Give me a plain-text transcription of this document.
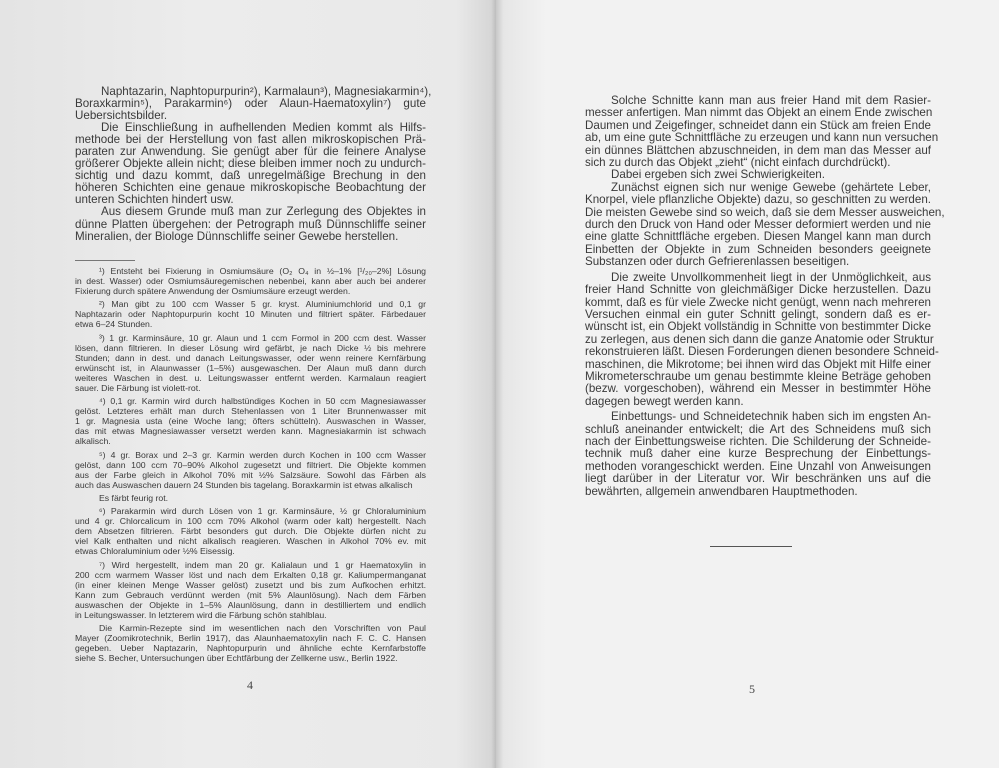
Naphtazarin, Naphtopurpurin²), Karmalaun³), Magnesiakarmin⁴),
Boraxkarmin⁵), Parakarmin⁶) oder Alaun-Haematoxylin⁷) gute
Uebersichtsbilder.
Die Einschließung in aufhellenden Medien kommt als Hilfs-
methode bei der Herstellung von fast allen mikroskopischen Prä-
paraten zur Anwendung. Sie genügt aber für die feinere Analyse
größerer Objekte allein nicht; diese bleiben immer noch zu undurch-
sichtig und dazu kommt, daß unregelmäßige Brechung in den
höheren Schichten eine genaue mikroskopische Beobachtung der
unteren Schichten hindert usw.
Aus diesem Grunde muß man zur Zerlegung des Objektes in
dünne Platten übergehen: der Petrograph muß Dünnschliffe seiner
Mineralien, der Biologe Dünnschliffe seiner Gewebe herstellen.
¹) Entsteht bei Fixierung in Osmiumsäure (O₂ O₄ in ½–1% [¹/₂₀–2%] Lösung
in dest. Wasser) oder Osmiumsäuregemischen nebenbei, kann aber auch bei anderer
Fixierung durch spätere Anwendung der Osmiumsäure erzeugt werden.
²) Man gibt zu 100 ccm Wasser 5 gr. kryst. Aluminiumchlorid und 0,1 gr
Naphtazarin oder Naphtopurpurin kocht 10 Minuten und filtriert später. Färbedauer
etwa 6–24 Stunden.
³) 1 gr. Karminsäure, 10 gr. Alaun und 1 ccm Formol in 200 ccm dest. Wasser
lösen, dann filtrieren. In dieser Lösung wird gefärbt, je nach Dicke ½ bis mehrere
Stunden; dann in dest. und danach Leitungswasser, oder wenn reinere Kernfärbung
erwünscht ist, in Alaunwasser (1–5%) ausgewaschen. Der Alaun muß dann durch
weiteres Waschen in dest. u. Leitungswasser entfernt werden. Karmalaun reagiert
sauer. Die Färbung ist violett-rot.
⁴) 0,1 gr. Karmin wird durch halbstündiges Kochen in 50 ccm Magnesiawasser
gelöst. Letzteres erhält man durch Stehenlassen von 1 Liter Brunnenwasser mit
1 gr. Magnesia usta (eine Woche lang; öfters schütteln). Auswaschen in Wasser,
das mit etwas Magnesiawasser versetzt werden kann. Magnesiakarmin ist schwach
alkalisch.
⁵) 4 gr. Borax und 2–3 gr. Karmin werden durch Kochen in 100 ccm Wasser
gelöst, dann 100 ccm 70–90% Alkohol zugesetzt und filtriert. Die Objekte kommen
aus der Farbe gleich in Alkohol 70% mit ½% Salzsäure. Sowohl das Färben als
auch das Auswaschen dauern 24 Stunden bis tagelang. Boraxkarmin ist etwas alkalisch
Es färbt feurig rot.
⁶) Parakarmin wird durch Lösen von 1 gr. Karminsäure, ½ gr Chloraluminium
und 4 gr. Chlorcalicum in 100 ccm 70% Alkohol (warm oder kalt) hergestellt. Nach
dem Absetzen filtrieren. Färbt besonders gut durch. Die Objekte dürfen nicht zu
viel Kalk enthalten und nicht alkalisch reagieren. Waschen in Alkohol 70% ev. mit
etwas Chloraluminium oder ½% Eisessig.
⁷) Wird hergestellt, indem man 20 gr. Kalialaun und 1 gr Haematoxylin in
200 ccm warmem Wasser löst und nach dem Erkalten 0,18 gr. Kaliumpermanganat
(in einer kleinen Menge Wasser gelöst) zusetzt und bis zum Aufkochen erhitzt.
Kann zum Gebrauch verdünnt werden (mit 5% Alaunlösung). Nach dem Färben
auswaschen der Objekte in 1–5% Alaunlösung, dann in destilliertem und endlich
in Leitungswasser. In letzterem wird die Färbung schön stahlblau.
Die Karmin-Rezepte sind im wesentlichen nach den Vorschriften von Paul
Mayer (Zoomikrotechnik, Berlin 1917), das Alaunhaematoxylin nach F. C. C. Hansen
gegeben. Ueber Naptazarin, Naphtopurpurin und ähnliche echte Kernfarbstoffe
siehe S. Becher, Untersuchungen über Echtfärbung der Zellkerne usw., Berlin 1922.
4
Solche Schnitte kann man aus freier Hand mit dem Rasier-
messer anfertigen. Man nimmt das Objekt an einem Ende zwischen
Daumen und Zeigefinger, schneidet dann ein Stück am freien Ende
ab, um eine gute Schnittfläche zu erzeugen und kann nun versuchen
ein dünnes Blättchen abzuschneiden, in dem man das Messer auf
sich zu durch das Objekt „zieht“ (nicht einfach durchdrückt).
Dabei ergeben sich zwei Schwierigkeiten.
Zunächst eignen sich nur wenige Gewebe (gehärtete Leber,
Knorpel, viele pflanzliche Objekte) dazu, so geschnitten zu werden.
Die meisten Gewebe sind so weich, daß sie dem Messer ausweichen,
durch den Druck von Hand oder Messer deformiert werden und nie
eine glatte Schnittfläche ergeben. Diesen Mangel kann man durch
Einbetten der Objekte in zum Schneiden besonders geeignete
Substanzen oder durch Gefrierenlassen beseitigen.
Die zweite Unvollkommenheit liegt in der Unmöglichkeit, aus
freier Hand Schnitte von gleichmäßiger Dicke herzustellen. Dazu
kommt, daß es für viele Zwecke nicht genügt, wenn nach mehreren
Versuchen einmal ein guter Schnitt gelingt, sondern daß es er-
wünscht ist, ein Objekt vollständig in Schnitte von bestimmter Dicke
zu zerlegen, aus denen sich dann die ganze Anatomie oder Struktur
rekonstruieren läßt. Diesen Forderungen dienen besondere Schneid-
maschinen, die Mikrotome; bei ihnen wird das Objekt mit Hilfe einer
Mikrometerschraube um genau bestimmte kleine Beträge gehoben
(bezw. vorgeschoben), während ein Messer in bestimmter Höhe
dagegen bewegt werden kann.
Einbettungs- und Schneidetechnik haben sich im engsten An-
schluß aneinander entwickelt; die Art des Schneidens muß sich
nach der Einbettungsweise richten. Die Schilderung der Schneide-
technik muß daher eine kurze Besprechung der Einbettungs-
methoden vorangeschickt werden. Eine Unzahl von Anweisungen
liegt darüber in der Literatur vor. Wir beschränken uns auf die
bewährten, allgemein anwendbaren Hauptmethoden.
5
